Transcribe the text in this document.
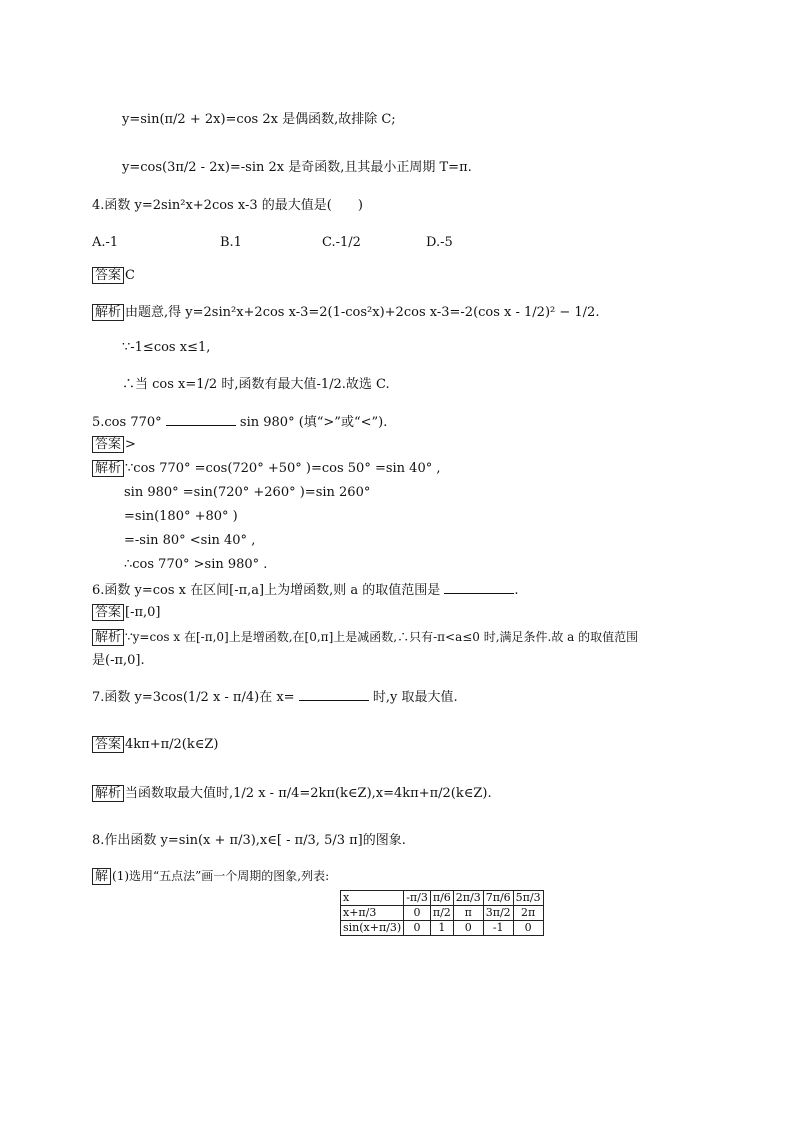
y=sin(π/2 + 2x)=cos 2x 是偶函数,故排除 C;
y=cos(3π/2 - 2x)=-sin 2x 是奇函数,且其最小正周期 T=π.
4.函数 y=2sin²x+2cos x-3 的最大值是(　　)
A.-1	B.1	C.-1/2	D.-5
答案 C
解析 由题意,得 y=2sin²x+2cos x-3=2(1-cos²x)+2cos x-3=-2(cos x - 1/2)² − 1/2.
∵-1≤cos x≤1,
∴当 cos x=1/2 时,函数有最大值-1/2.故选 C.
5.cos 770°	sin 980° (填“>”或“<”).
答案 >
解析 ∵cos 770° =cos(720° +50° )=cos 50° =sin 40° ,
sin 980° =sin(720° +260° )=sin 260°
=sin(180° +80° )
=-sin 80° <sin 40° ,
∴cos 770° >sin 980° .
6.函数 y=cos x 在区间[-π,a]上为增函数,则 a 的取值范围是	.
答案 [-π,0]
解析 ∵y=cos x 在[-π,0]上是增函数,在[0,π]上是减函数,∴只有-π<a≤0 时,满足条件.故 a 的取值范围
是(-π,0].
7.函数 y=3cos(1/2 x - π/4)在 x=	时,y 取最大值.
答案 4kπ+π/2(k∈Z)
解析 当函数取最大值时,1/2 x - π/4=2kπ(k∈Z),x=4kπ+π/2(k∈Z).
8.作出函数 y=sin(x + π/3),x∈[ - π/3, 5/3 π]的图象.
解 (1)选用“五点法”画一个周期的图象,列表:
x	-π/3	π/6	2π/3	7π/6	5π/3
x+π/3	0	π/2	π	3π/2	2π
sin(x+π/3)	0	1	0	-1	0
